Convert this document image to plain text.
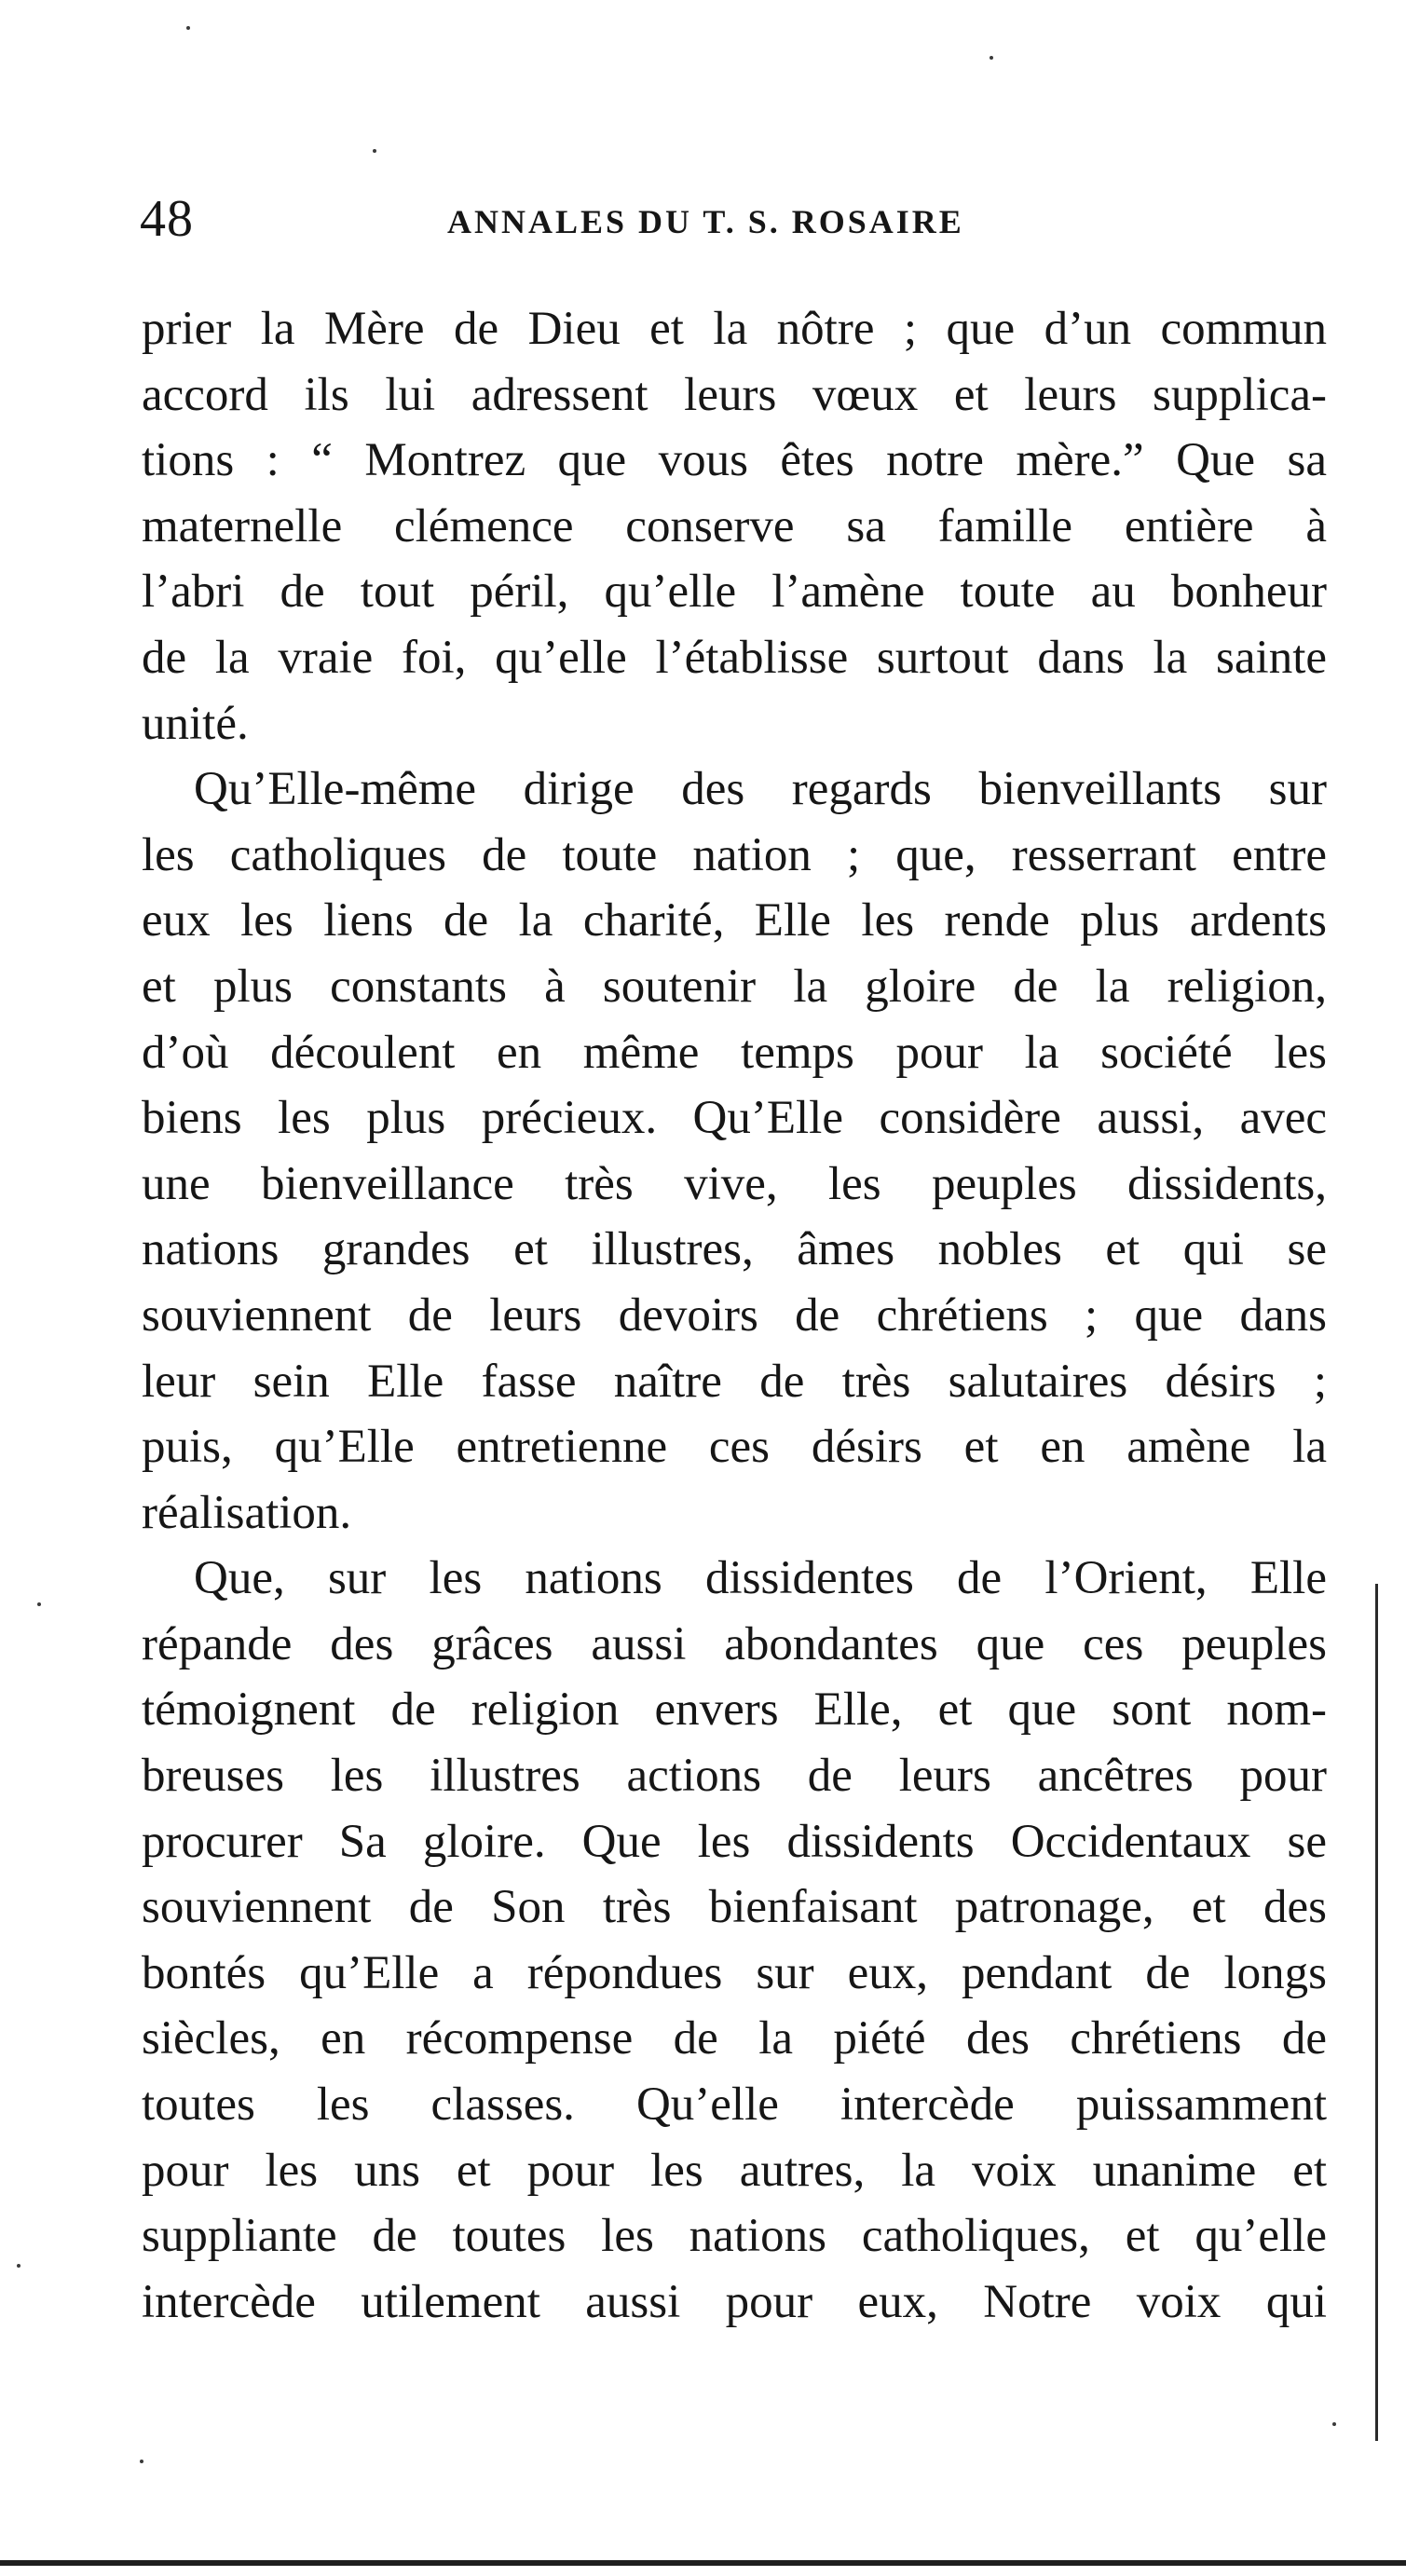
48	ANNALES DU T. S. ROSAIRE
prier la Mère de Dieu et la nôtre ; que d’un commun
accord ils lui adressent leurs vœux et leurs supplica-
tions : “ Montrez que vous êtes notre mère.” Que sa
maternelle clémence conserve sa famille entière à
l’abri de tout péril, qu’elle l’amène toute au bonheur
de la vraie foi, qu’elle l’établisse surtout dans la sainte
unité.
Qu’Elle-même dirige des regards bienveillants sur
les catholiques de toute nation ; que, resserrant entre
eux les liens de la charité, Elle les rende plus ardents
et plus constants à soutenir la gloire de la religion,
d’où découlent en même temps pour la société les
biens les plus précieux. Qu’Elle considère aussi, avec
une bienveillance très vive, les peuples dissidents,
nations grandes et illustres, âmes nobles et qui se
souviennent de leurs devoirs de chrétiens ; que dans
leur sein Elle fasse naître de très salutaires désirs ;
puis, qu’Elle entretienne ces désirs et en amène la
réalisation.
Que, sur les nations dissidentes de l’Orient, Elle
répande des grâces aussi abondantes que ces peuples
témoignent de religion envers Elle, et que sont nom-
breuses les illustres actions de leurs ancêtres pour
procurer Sa gloire. Que les dissidents Occidentaux se
souviennent de Son très bienfaisant patronage, et des
bontés qu’Elle a répondues sur eux, pendant de longs
siècles, en récompense de la piété des chrétiens de
toutes les classes. Qu’elle intercède puissamment
pour les uns et pour les autres, la voix unanime et
suppliante de toutes les nations catholiques, et qu’elle
intercède utilement aussi pour eux, Notre voix qui
